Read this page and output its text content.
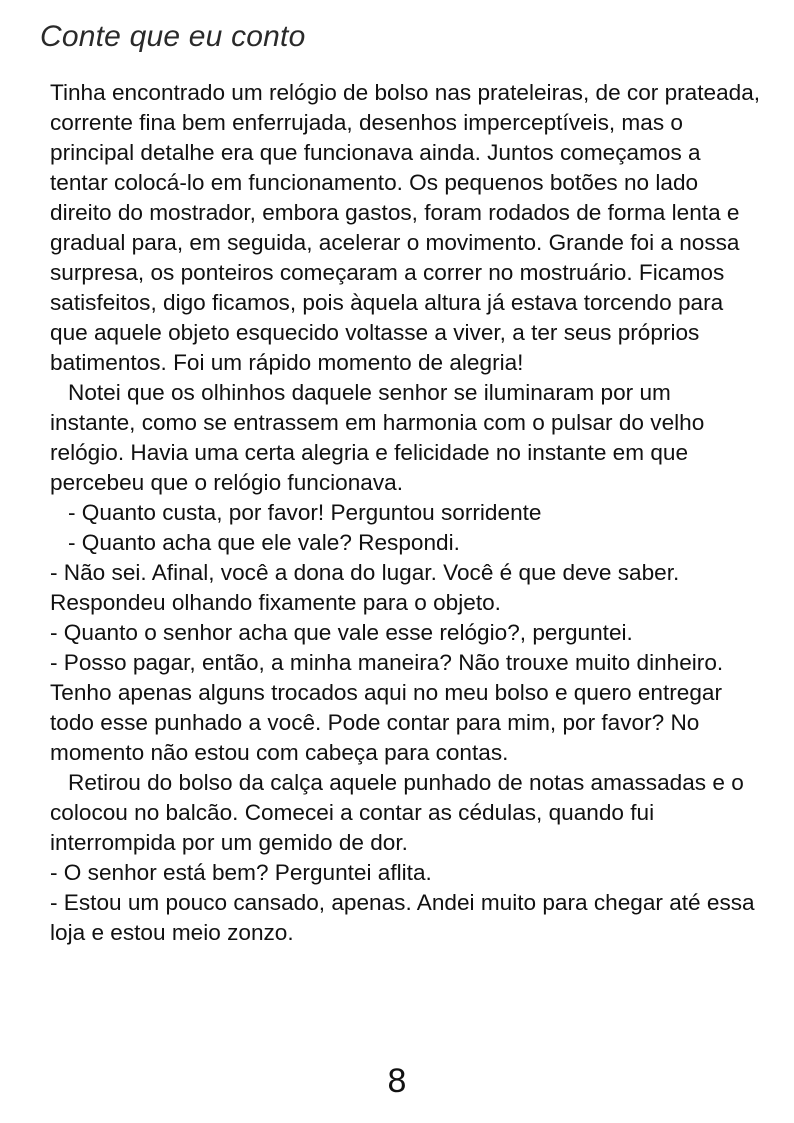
Conte que eu conto

Tinha encontrado um relógio de bolso nas prateleiras, de cor prateada, corrente fina bem enferrujada, desenhos imperceptíveis, mas o principal detalhe era que funcionava ainda. Juntos começamos a tentar colocá-lo em funcionamento. Os pequenos botões no lado direito do mostrador, embora gastos, foram rodados de forma lenta e gradual para, em seguida, acelerar o movimento. Grande foi a nossa surpresa, os ponteiros começaram a correr no mostruário. Ficamos satisfeitos, digo ficamos, pois àquela altura já estava torcendo para que aquele objeto esquecido voltasse a viver, a ter seus próprios batimentos. Foi um rápido momento de alegria!

Notei que os olhinhos daquele senhor se iluminaram por um instante, como se entrassem em harmonia com o pulsar do velho relógio. Havia uma certa alegria e felicidade no instante em que percebeu que o relógio funcionava.

- Quanto custa, por favor! Perguntou sorridente

- Quanto acha que ele vale? Respondi.

- Não sei. Afinal, você a dona do lugar. Você é que deve saber. Respondeu olhando fixamente para o objeto.

- Quanto o senhor acha que vale esse relógio?, perguntei.

- Posso pagar, então, a minha maneira? Não trouxe muito dinheiro. Tenho apenas alguns trocados aqui no meu bolso e quero entregar todo esse punhado a você. Pode contar para mim, por favor? No momento não estou com cabeça para contas.

Retirou do bolso da calça aquele punhado de notas amassadas e o colocou no balcão. Comecei a contar as cédulas, quando fui interrompida por um gemido de dor.

- O senhor está bem? Perguntei aflita.

- Estou um pouco cansado, apenas. Andei muito para chegar até essa loja e estou meio zonzo.

8
